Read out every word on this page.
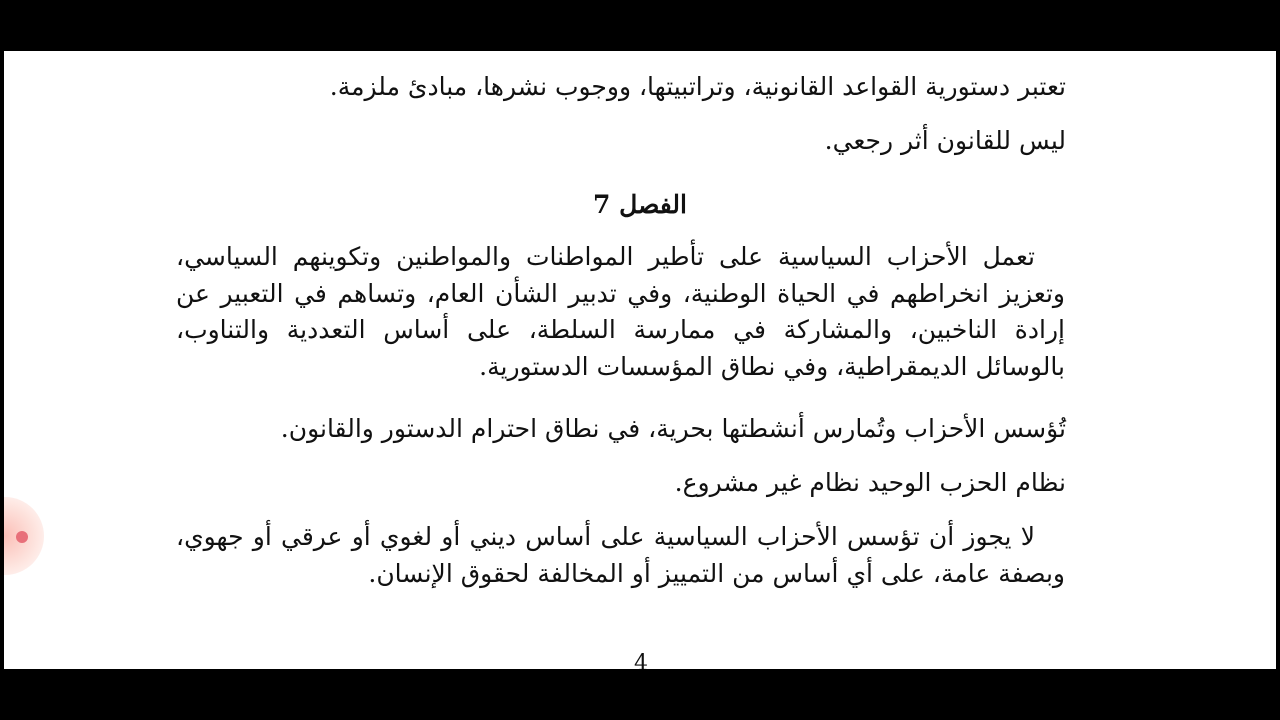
تعتبر دستورية القواعد القانونية، وتراتبيتها، ووجوب نشرها، مبادئ ملزمة.
ليس للقانون أثر رجعي.
الفصل 7
تعمل الأحزاب السياسية على تأطير المواطنات والمواطنين وتكوينهم السياسي، وتعزيز انخراطهم في الحياة الوطنية، وفي تدبير الشأن العام، وتساهم في التعبير عن إرادة الناخبين، والمشاركة في ممارسة السلطة، على أساس التعددية والتناوب، بالوسائل الديمقراطية، وفي نطاق المؤسسات الدستورية.
تُؤسس الأحزاب وتُمارس أنشطتها بحرية، في نطاق احترام الدستور والقانون.
نظام الحزب الوحيد نظام غير مشروع.
لا يجوز أن تؤسس الأحزاب السياسية على أساس ديني أو لغوي أو عرقي أو جهوي، وبصفة عامة، على أي أساس من التمييز أو المخالفة لحقوق الإنسان.
4
